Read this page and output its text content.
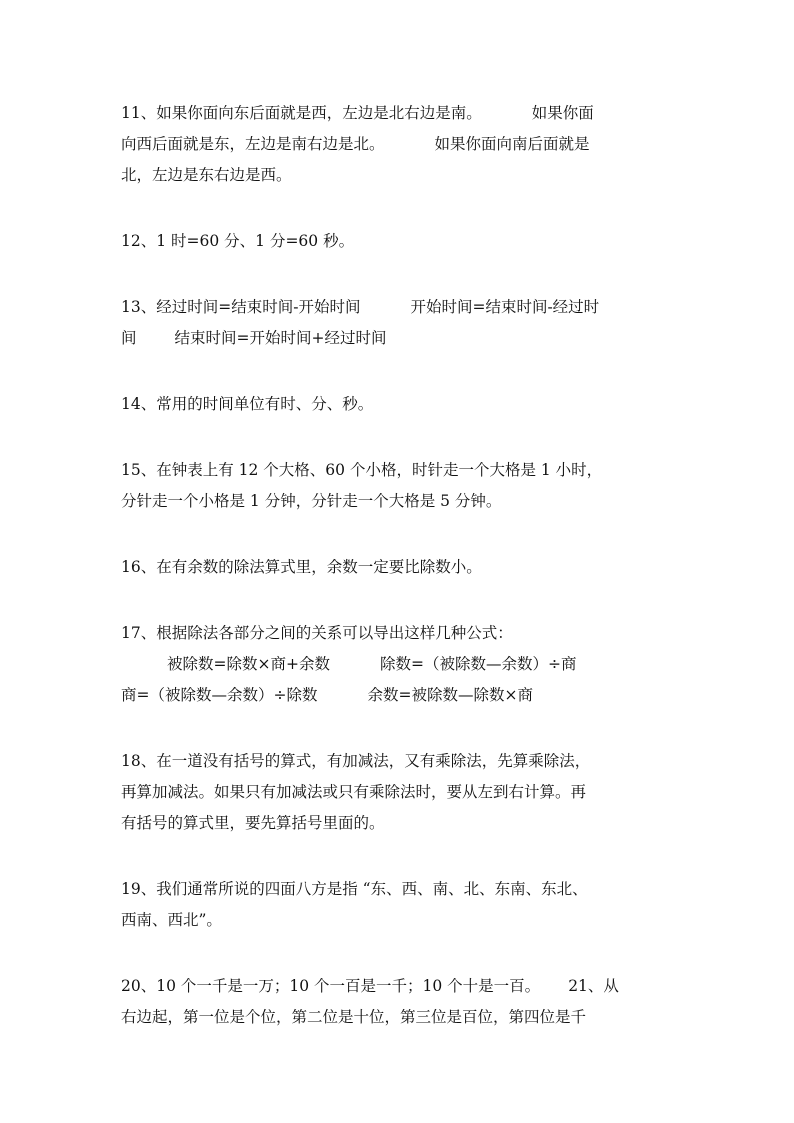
11、如果你面向东后面就是西，左边是北右边是南。	如果你面
向西后面就是东，左边是南右边是北。	如果你面向南后面就是
北，左边是东右边是西。

12、1 时=60 分、1 分=60 秒。

13、经过时间=结束时间-开始时间	开始时间=结束时间-经过时
间 结束时间=开始时间+经过时间

14、常用的时间单位有时、分、秒。

15、在钟表上有 12 个大格、60 个小格，时针走一个大格是 1 小时，
分针走一个小格是 1 分钟，分针走一个大格是 5 分钟。

16、在有余数的除法算式里，余数一定要比除数小。

17、根据除法各部分之间的关系可以导出这样几种公式：
被除数=除数×商+余数	除数=（被除数—余数）÷商
商=（被除数—余数）÷除数	余数=被除数—除数×商

18、在一道没有括号的算式，有加减法，又有乘除法，先算乘除法，
再算加减法。如果只有加减法或只有乘除法时，要从左到右计算。再
有括号的算式里，要先算括号里面的。

19、我们通常所说的四面八方是指 “东、西、南、北、东南、东北、
西南、西北”。

20、10 个一千是一万；10 个一百是一千；10 个十是一百。 21、从
右边起，第一位是个位，第二位是十位，第三位是百位，第四位是千
